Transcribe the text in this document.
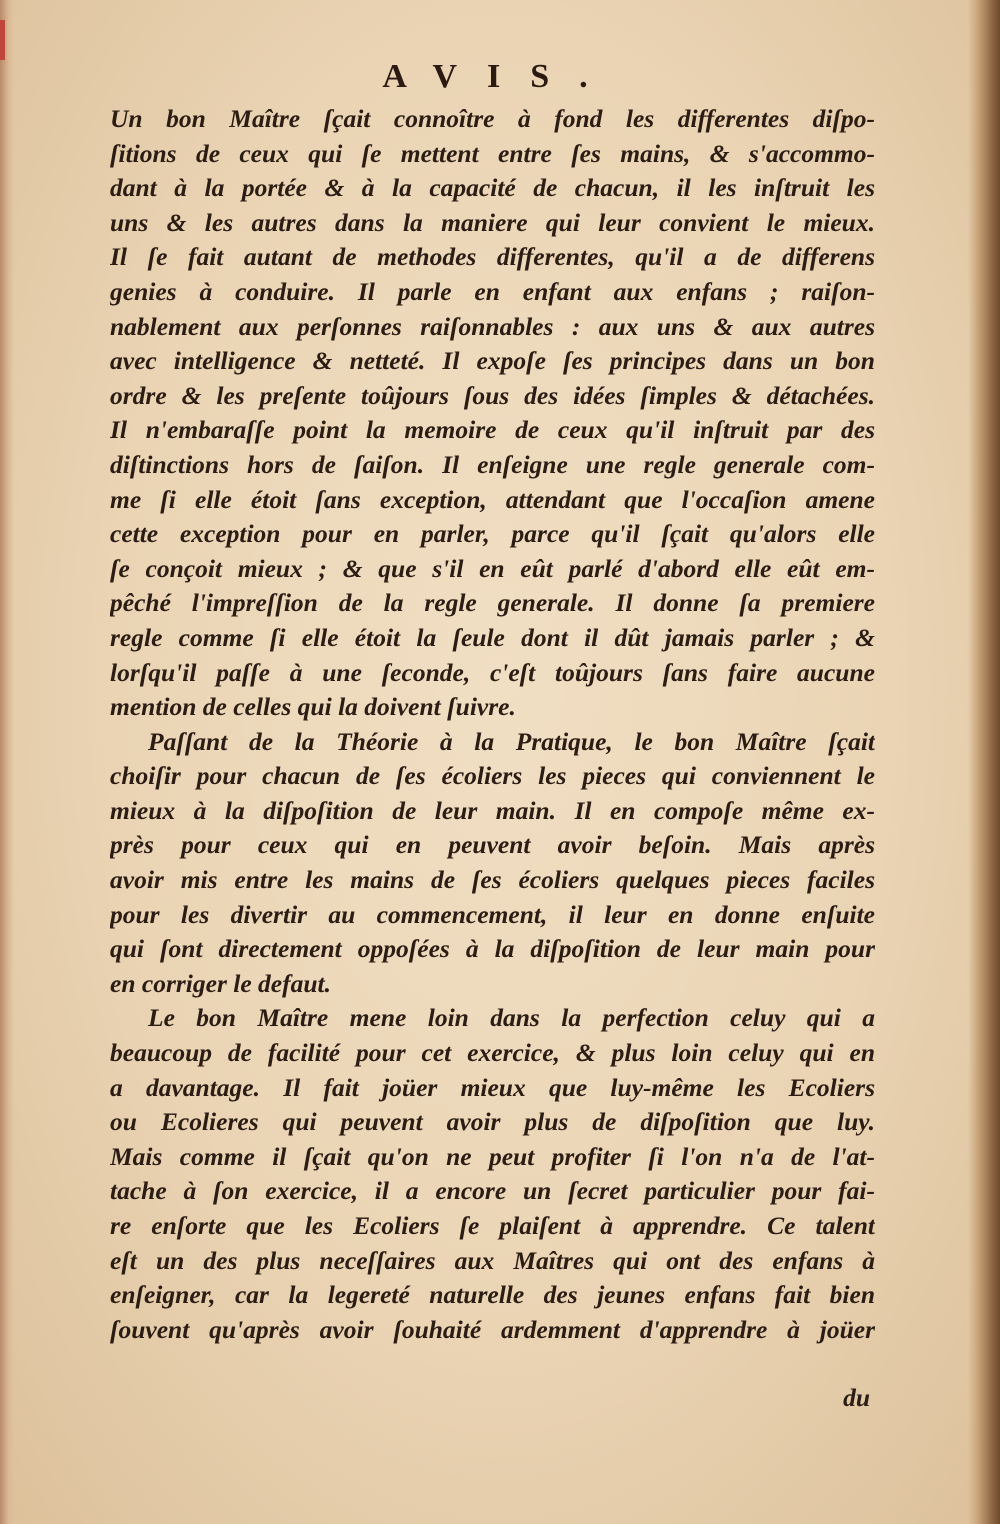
AVIS.
Un bon Maître ſçait connoître à fond les differentes diſpo-
ſitions de ceux qui ſe mettent entre ſes mains, & s'accommo-
dant à la portée & à la capacité de chacun, il les inſtruit les
uns & les autres dans la maniere qui leur convient le mieux.
Il ſe fait autant de methodes differentes, qu'il a de differens
genies à conduire. Il parle en enfant aux enfans ; raiſon-
nablement aux perſonnes raiſonnables : aux uns & aux autres
avec intelligence & netteté. Il expoſe ſes principes dans un bon
ordre & les preſente toûjours ſous des idées ſimples & détachées.
Il n'embaraſſe point la memoire de ceux qu'il inſtruit par des
diſtinctions hors de ſaiſon. Il enſeigne une regle generale com-
me ſi elle étoit ſans exception, attendant que l'occaſion amene
cette exception pour en parler, parce qu'il ſçait qu'alors elle
ſe conçoit mieux ; & que s'il en eût parlé d'abord elle eût em-
pêché l'impreſſion de la regle generale. Il donne ſa premiere
regle comme ſi elle étoit la ſeule dont il dût jamais parler ; &
lorſqu'il paſſe à une ſeconde, c'eſt toûjours ſans faire aucune
mention de celles qui la doivent ſuivre.
Paſſant de la Théorie à la Pratique, le bon Maître ſçait
choiſir pour chacun de ſes écoliers les pieces qui conviennent le
mieux à la diſpoſition de leur main. Il en compoſe même ex-
près pour ceux qui en peuvent avoir beſoin. Mais après
avoir mis entre les mains de ſes écoliers quelques pieces faciles
pour les divertir au commencement, il leur en donne enſuite
qui ſont directement oppoſées à la diſpoſition de leur main pour
en corriger le defaut.
Le bon Maître mene loin dans la perfection celuy qui a
beaucoup de facilité pour cet exercice, & plus loin celuy qui en
a davantage. Il fait joüer mieux que luy-même les Ecoliers
ou Ecolieres qui peuvent avoir plus de diſpoſition que luy.
Mais comme il ſçait qu'on ne peut profiter ſi l'on n'a de l'at-
tache à ſon exercice, il a encore un ſecret particulier pour fai-
re enſorte que les Ecoliers ſe plaiſent à apprendre. Ce talent
eſt un des plus neceſſaires aux Maîtres qui ont des enfans à
enſeigner, car la legereté naturelle des jeunes enfans fait bien
ſouvent qu'après avoir ſouhaité ardemment d'apprendre à joüer
du
